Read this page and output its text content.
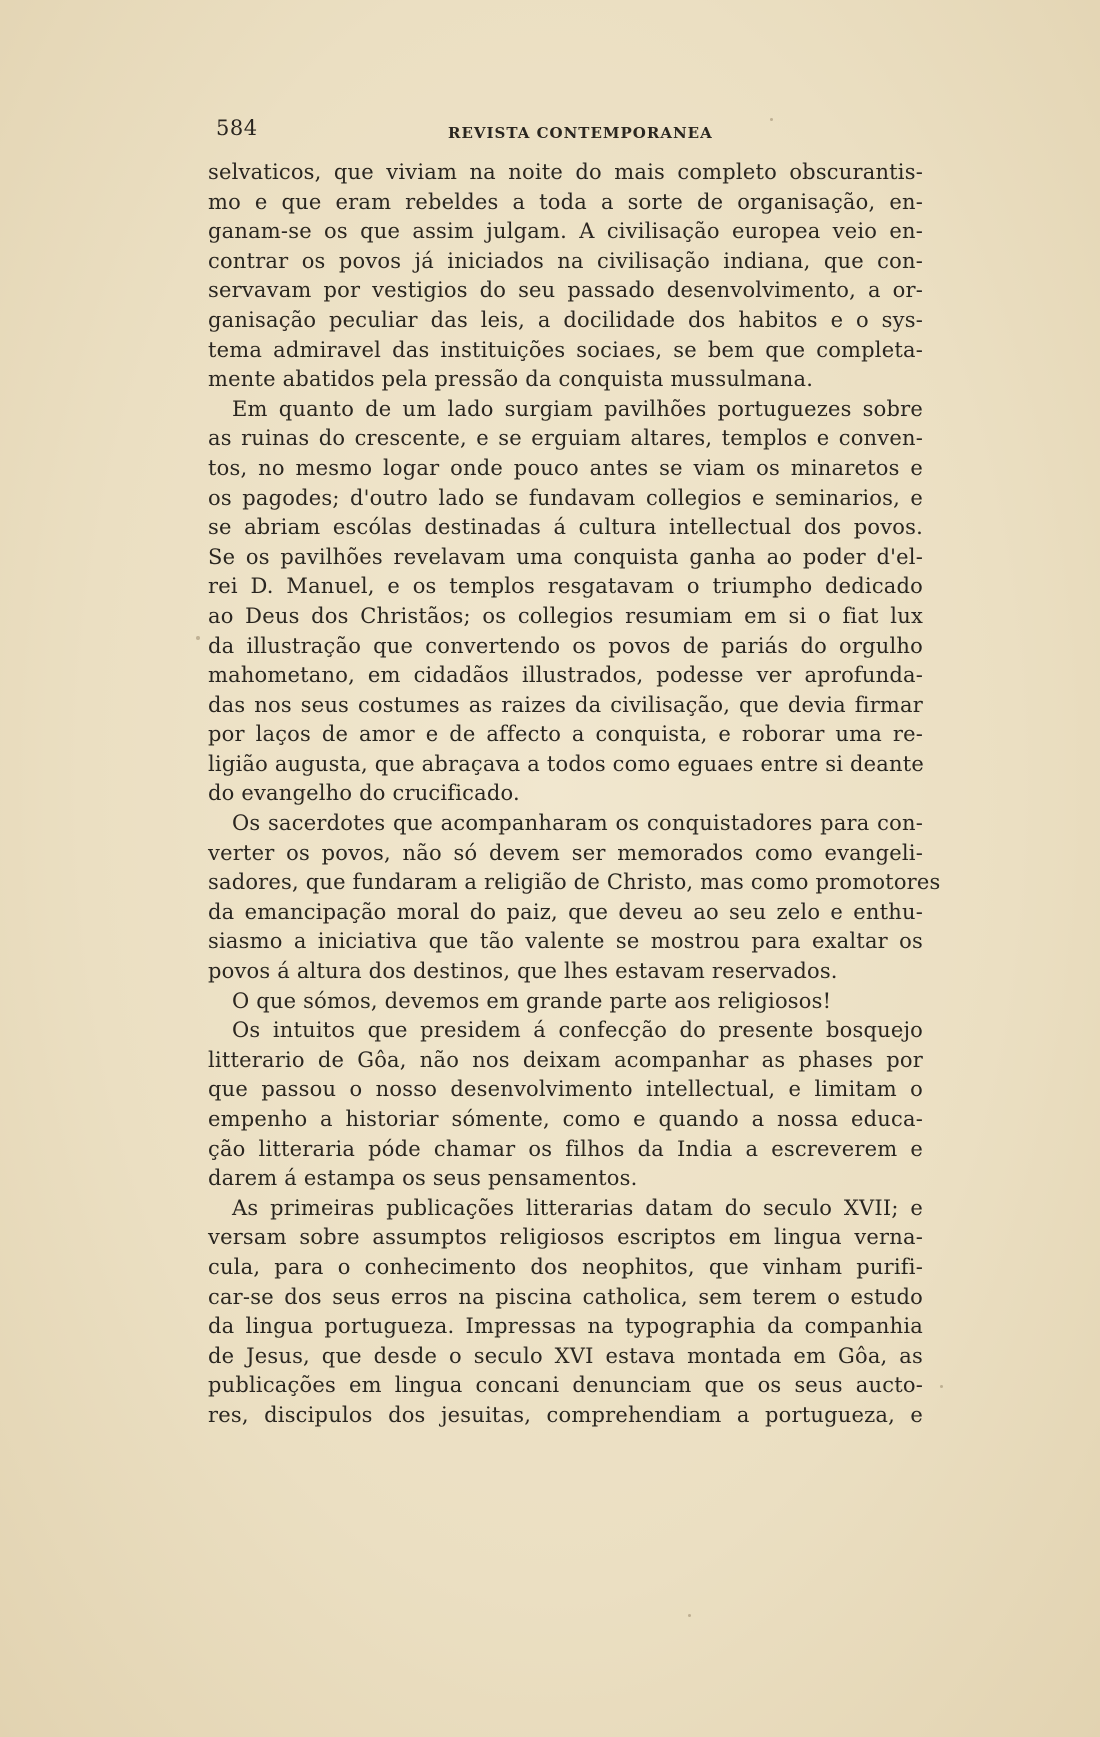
584	REVISTA CONTEMPORANEA
selvaticos, que viviam na noite do mais completo obscurantis-
mo e que eram rebeldes a toda a sorte de organisação, en-
ganam-se os que assim julgam. A civilisação europea veio en-
contrar os povos já iniciados na civilisação indiana, que con-
servavam por vestigios do seu passado desenvolvimento, a or-
ganisação peculiar das leis, a docilidade dos habitos e o sys-
tema admiravel das instituições sociaes, se bem que completa-
mente abatidos pela pressão da conquista mussulmana.
Em quanto de um lado surgiam pavilhões portuguezes sobre
as ruinas do crescente, e se erguiam altares, templos e conven-
tos, no mesmo logar onde pouco antes se viam os minaretos e
os pagodes; d'outro lado se fundavam collegios e seminarios, e
se abriam escólas destinadas á cultura intellectual dos povos.
Se os pavilhões revelavam uma conquista ganha ao poder d'el-
rei D. Manuel, e os templos resgatavam o triumpho dedicado
ao Deus dos Christãos; os collegios resumiam em si o fiat lux
da illustração que convertendo os povos de pariás do orgulho
mahometano, em cidadãos illustrados, podesse ver aprofunda-
das nos seus costumes as raizes da civilisação, que devia firmar
por laços de amor e de affecto a conquista, e roborar uma re-
ligião augusta, que abraçava a todos como eguaes entre si deante
do evangelho do crucificado.
Os sacerdotes que acompanharam os conquistadores para con-
verter os povos, não só devem ser memorados como evangeli-
sadores, que fundaram a religião de Christo, mas como promotores
da emancipação moral do paiz, que deveu ao seu zelo e enthu-
siasmo a iniciativa que tão valente se mostrou para exaltar os
povos á altura dos destinos, que lhes estavam reservados.
O que sómos, devemos em grande parte aos religiosos!
Os intuitos que presidem á confecção do presente bosquejo
litterario de Gôa, não nos deixam acompanhar as phases por
que passou o nosso desenvolvimento intellectual, e limitam o
empenho a historiar sómente, como e quando a nossa educa-
ção litteraria póde chamar os filhos da India a escreverem e
darem á estampa os seus pensamentos.
As primeiras publicações litterarias datam do seculo XVII; e
versam sobre assumptos religiosos escriptos em lingua verna-
cula, para o conhecimento dos neophitos, que vinham purifi-
car-se dos seus erros na piscina catholica, sem terem o estudo
da lingua portugueza. Impressas na typographia da companhia
de Jesus, que desde o seculo XVI estava montada em Gôa, as
publicações em lingua concani denunciam que os seus auctо-
res, discipulos dos jesuitas, comprehendiam a portugueza, e
